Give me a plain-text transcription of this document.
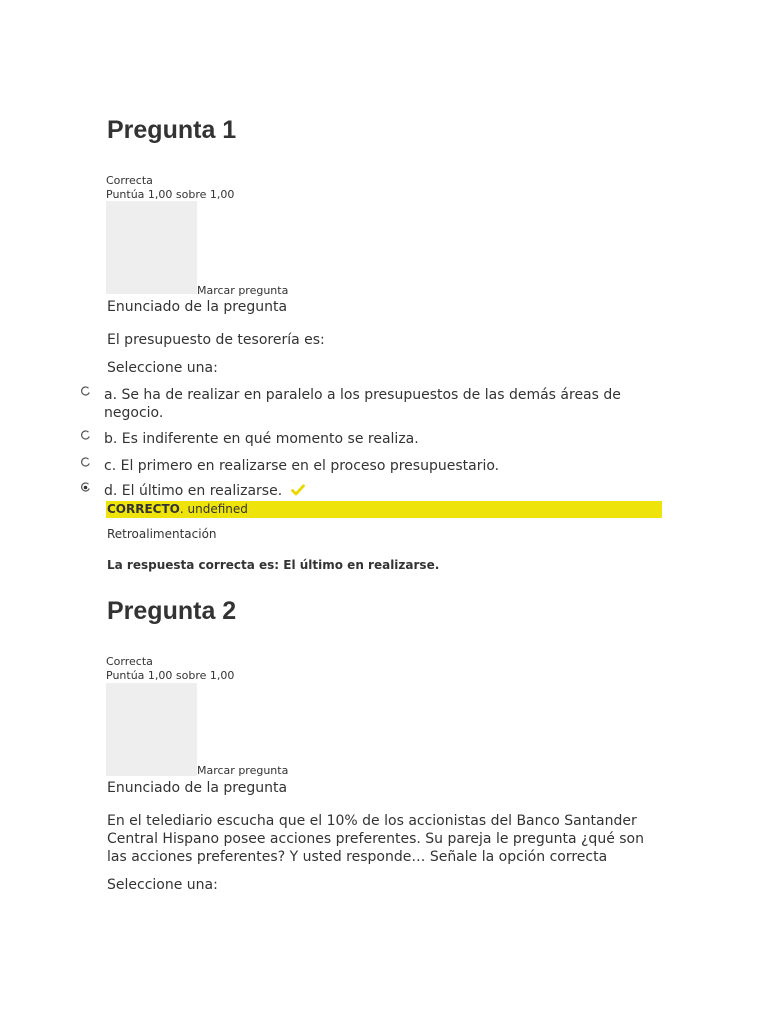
Pregunta 1
Correcta
Puntúa 1,00 sobre 1,00
Marcar pregunta
Enunciado de la pregunta
El presupuesto de tesorería es:
Seleccione una:
a. Se ha de realizar en paralelo a los presupuestos de las demás áreas de negocio.
b. Es indiferente en qué momento se realiza.
c. El primero en realizarse en el proceso presupuestario.
d. El último en realizarse.
CORRECTO. undefined
Retroalimentación
La respuesta correcta es: El último en realizarse.
Pregunta 2
Correcta
Puntúa 1,00 sobre 1,00
Marcar pregunta
Enunciado de la pregunta
En el telediario escucha que el 10% de los accionistas del Banco Santander Central Hispano posee acciones preferentes. Su pareja le pregunta ¿qué son las acciones preferentes? Y usted responde… Señale la opción correcta
Seleccione una:
